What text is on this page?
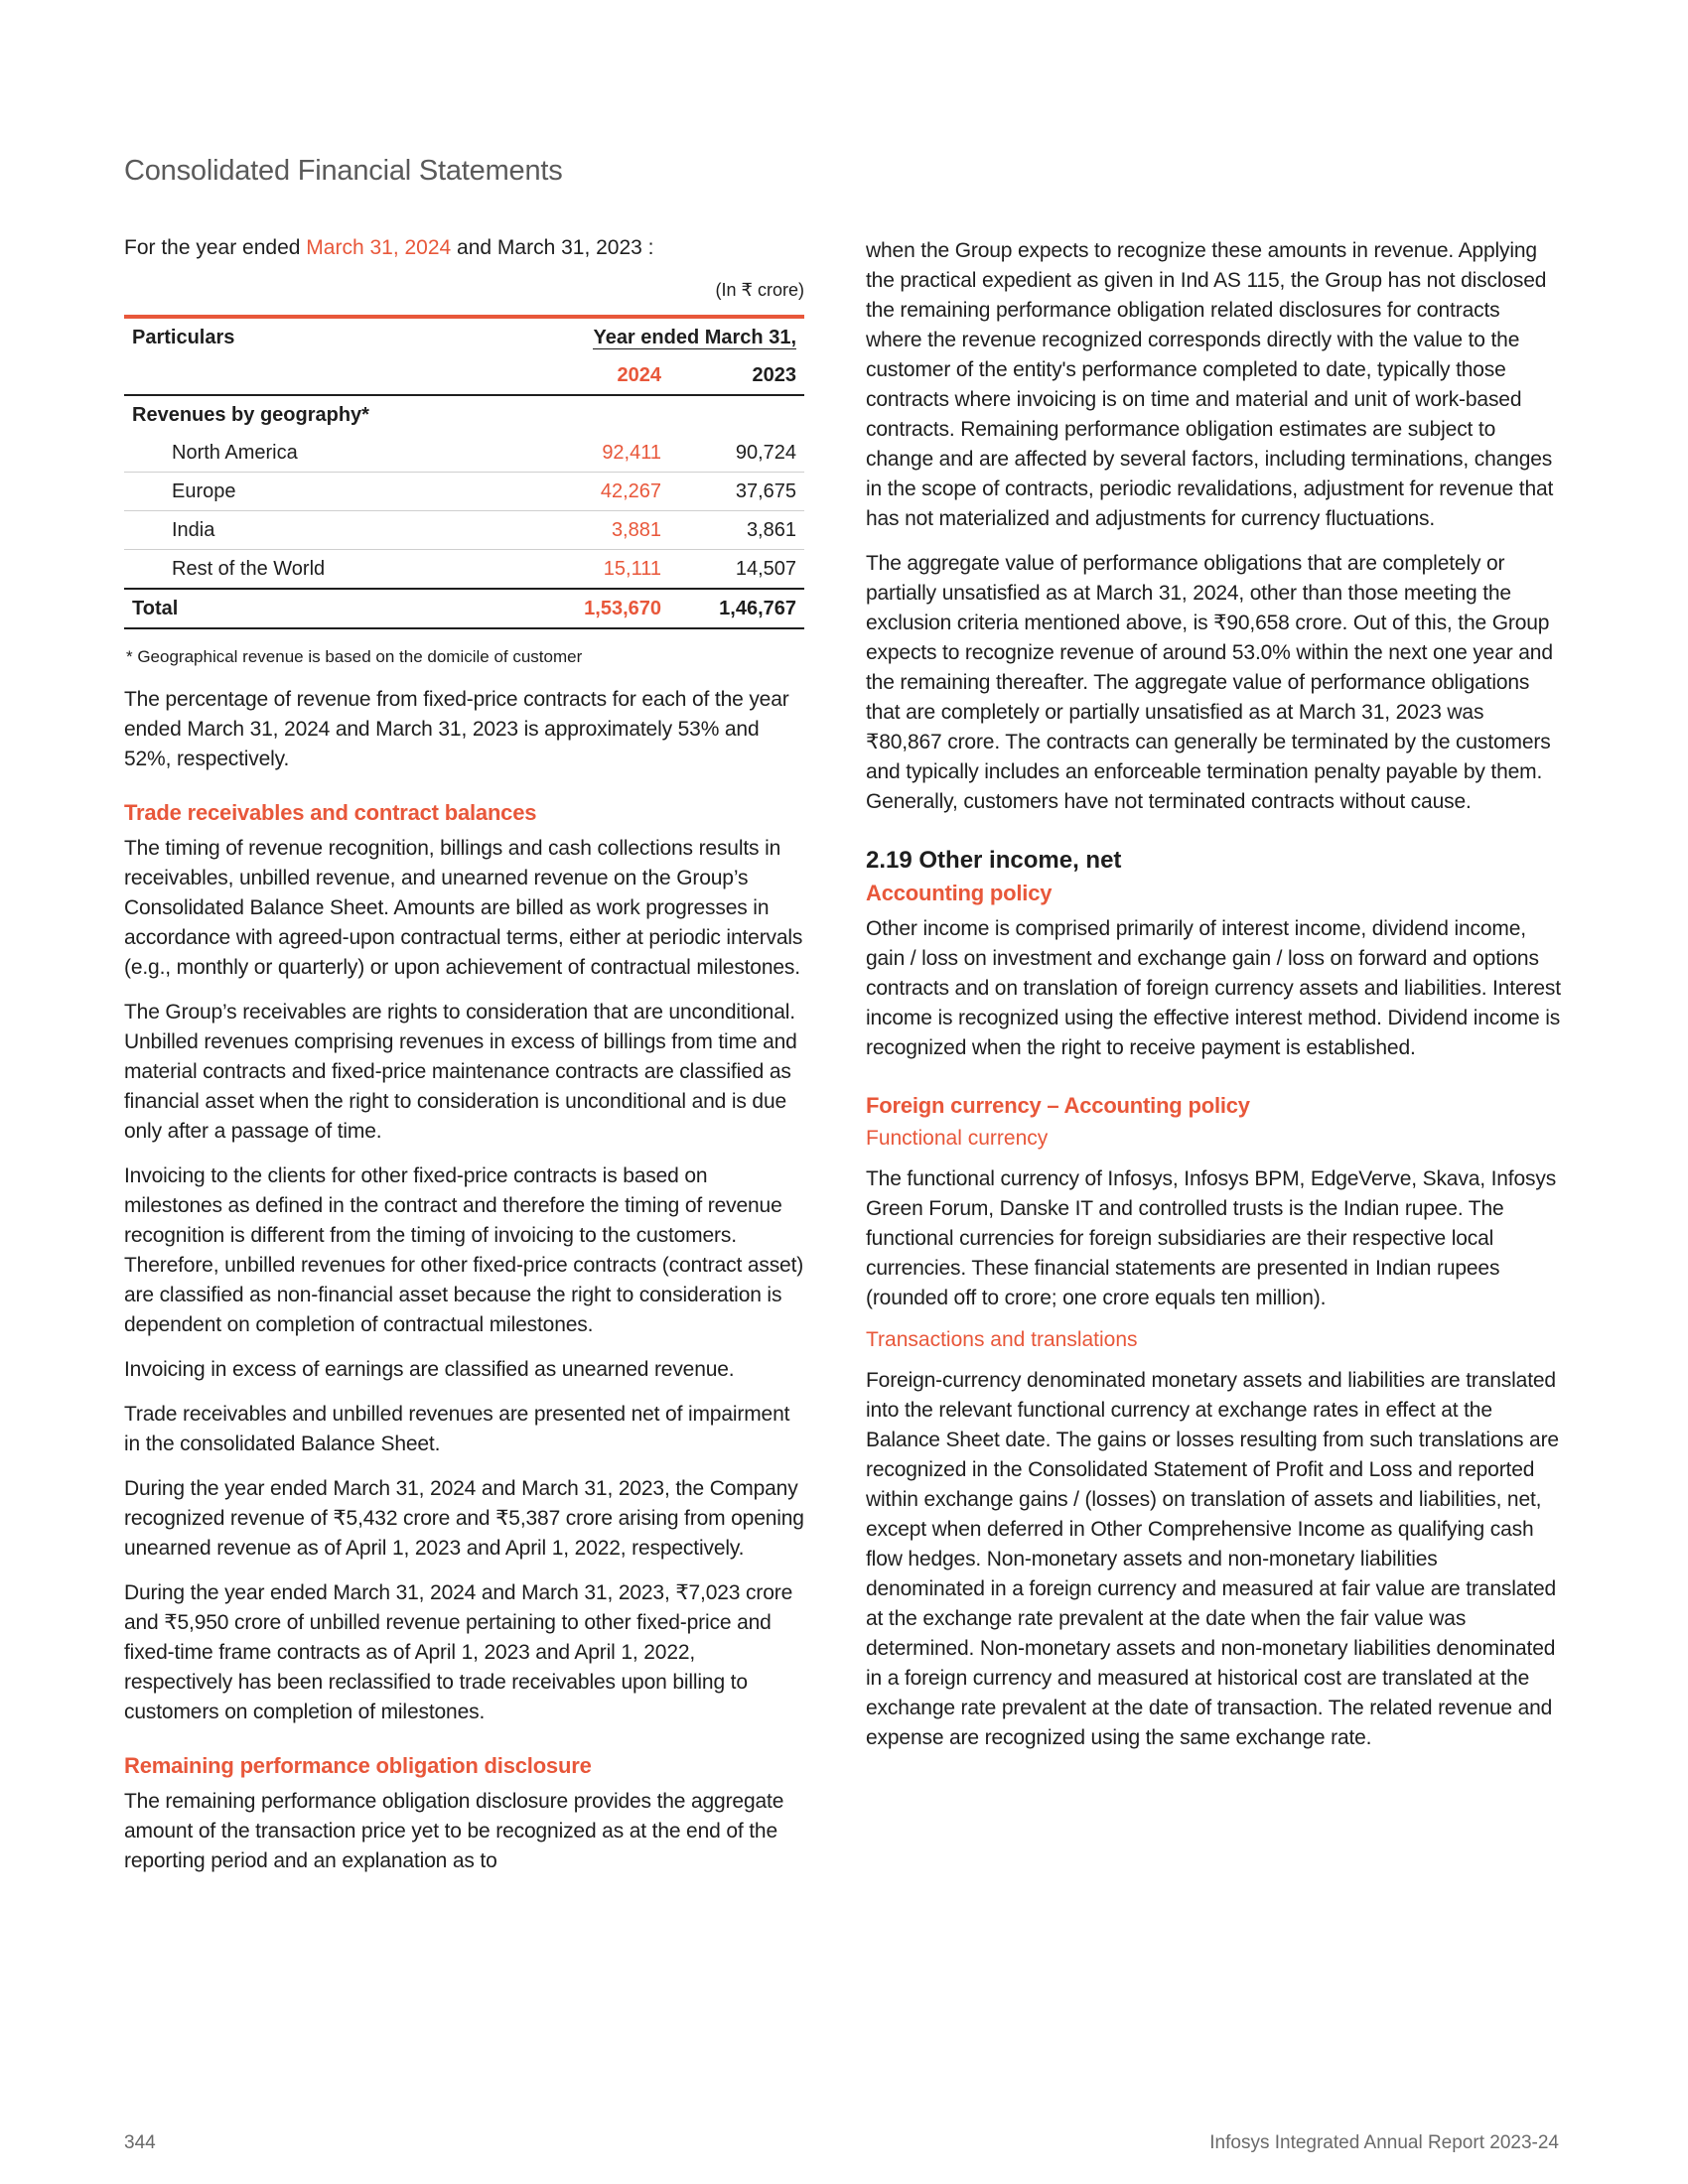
Consolidated Financial Statements
For the year ended March 31, 2024 and March 31, 2023 :
(In ₹ crore)
Particulars	Year ended March 31,	
	2024	2023
Revenues by geography*		
North America	92,411	90,724
Europe	42,267	37,675
India	3,881	3,861
Rest of the World	15,111	14,507
Total	1,53,670	1,46,767
* Geographical revenue is based on the domicile of customer

The percentage of revenue from fixed-price contracts for each of the year ended March 31, 2024 and March 31, 2023 is approximately 53% and 52%, respectively.

Trade receivables and contract balances

The timing of revenue recognition, billings and cash collections results in receivables, unbilled revenue, and unearned revenue on the Group’s Consolidated Balance Sheet. Amounts are billed as work progresses in accordance with agreed-upon contractual terms, either at periodic intervals (e.g., monthly or quarterly) or upon achievement of contractual milestones.

The Group’s receivables are rights to consideration that are unconditional. Unbilled revenues comprising revenues in excess of billings from time and material contracts and fixed-price maintenance contracts are classified as financial asset when the right to consideration is unconditional and is due only after a passage of time.

Invoicing to the clients for other fixed-price contracts is based on milestones as defined in the contract and therefore the timing of revenue recognition is different from the timing of invoicing to the customers. Therefore, unbilled revenues for other fixed-price contracts (contract asset) are classified as non-financial asset because the right to consideration is dependent on completion of contractual milestones.

Invoicing in excess of earnings are classified as unearned revenue.

Trade receivables and unbilled revenues are presented net of impairment in the consolidated Balance Sheet.

During the year ended March 31, 2024 and March 31, 2023, the Company recognized revenue of ₹5,432 crore and ₹5,387 crore arising from opening unearned revenue as of April 1, 2023 and April 1, 2022, respectively.

During the year ended March 31, 2024 and March 31, 2023, ₹7,023 crore and ₹5,950 crore of unbilled revenue pertaining to other fixed-price and fixed-time frame contracts as of April 1, 2023 and April 1, 2022, respectively has been reclassified to trade receivables upon billing to customers on completion of milestones.

Remaining performance obligation disclosure

The remaining performance obligation disclosure provides the aggregate amount of the transaction price yet to be recognized as at the end of the reporting period and an explanation as to

when the Group expects to recognize these amounts in revenue. Applying the practical expedient as given in Ind AS 115, the Group has not disclosed the remaining performance obligation related disclosures for contracts where the revenue recognized corresponds directly with the value to the customer of the entity's performance completed to date, typically those contracts where invoicing is on time and material and unit of work-based contracts. Remaining performance obligation estimates are subject to change and are affected by several factors, including terminations, changes in the scope of contracts, periodic revalidations, adjustment for revenue that has not materialized and adjustments for currency fluctuations.

The aggregate value of performance obligations that are completely or partially unsatisfied as at March 31, 2024, other than those meeting the exclusion criteria mentioned above, is ₹90,658 crore. Out of this, the Group expects to recognize revenue of around 53.0% within the next one year and the remaining thereafter. The aggregate value of performance obligations that are completely or partially unsatisfied as at March 31, 2023 was ₹80,867 crore. The contracts can generally be terminated by the customers and typically includes an enforceable termination penalty payable by them. Generally, customers have not terminated contracts without cause.

2.19 Other income, net
Accounting policy

Other income is comprised primarily of interest income, dividend income, gain / loss on investment and exchange gain / loss on forward and options contracts and on translation of foreign currency assets and liabilities. Interest income is recognized using the effective interest method. Dividend income is recognized when the right to receive payment is established.

Foreign currency – Accounting policy
Functional currency

The functional currency of Infosys, Infosys BPM, EdgeVerve, Skava, Infosys Green Forum, Danske IT and controlled trusts is the Indian rupee. The functional currencies for foreign subsidiaries are their respective local currencies. These financial statements are presented in Indian rupees (rounded off to crore; one crore equals ten million).

Transactions and translations

Foreign-currency denominated monetary assets and liabilities are translated into the relevant functional currency at exchange rates in effect at the Balance Sheet date. The gains or losses resulting from such translations are recognized in the Consolidated Statement of Profit and Loss and reported within exchange gains / (losses) on translation of assets and liabilities, net, except when deferred in Other Comprehensive Income as qualifying cash flow hedges. Non-monetary assets and non-monetary liabilities denominated in a foreign currency and measured at fair value are translated at the exchange rate prevalent at the date when the fair value was determined. Non-monetary assets and non-monetary liabilities denominated in a foreign currency and measured at historical cost are translated at the exchange rate prevalent at the date of transaction. The related revenue and expense are recognized using the same exchange rate.

344	Infosys Integrated Annual Report 2023-24
